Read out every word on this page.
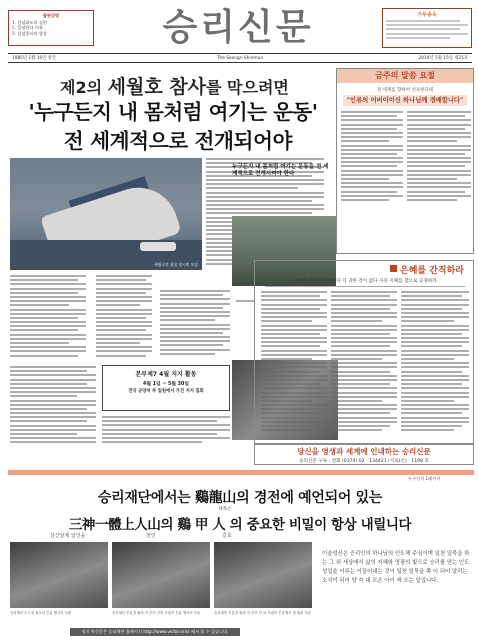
출판강령
1. 일념화도의 실현
2. 일념한다 비유
3. 일념종파의 향상	승리신문	가두송옥
1985년 1월 16일 창간	The Seongri Shinmun	2014년 5월 15일 제25호
제2의 세월호 참사를 막으려면
'누구든지 내 몸처럼 여기는 운동'
전 세계적으로 전개되어야
세월호의 침몰 당시의 모습
누구든지 내 몸처럼 여기는 운동을 전 세계적으로 전개시켜야 한다
본부제7 4월 지지 활동
4월 1일 ~ 5월 30일
전국 공양처 부 일원에서 가진 지지 집회
금주의 말씀 요절
전 세계를 향하여 선포한다네
"인류의 어버이이신 하나님께 경배합니다"
은혜를 간직하라
은혜를 무시한 생명보다 더 귀한 것이 없다 자유 지체를 찾으로 공경하라
당신을 영생과 세계에 인내하는 승리신문
승리신문 구독 : 전화 (0374) 02 - 134421 (지로(온) : 1198 호
누구인지 1페이지
승리재단에서는 鷄龍山의 경전에 예언되어 있는
제목은
三神一體上人山의 鷄 甲 人 의 중요한 비밀이 항상 내릴니다
삼산알제 일인을	천인	길호
승리재단 수도정 최초의 부흥 행사의 일원	승리재단 부흥정 회의 지 부터 인의 사령의 부흥 행사의 모습	승리재단 부흥정 회의 지 부터 인 의 사령의 부흥행사 정 회의 모습
이슬성신은 승리인의 하나님의 인도해 주심이며 일천 일묵을 하는 그 위 세상에서 삶의 지혜와 영광의 빛으로 승리를 얻는 인도 성업을 이루는 이끌어내는 것이 일천 일묵을 쪽 이 되어 알리는 소식이 되어 양 숙 대 모은 아이 에 오는 일입니다.
정지 약신문은 승리재단 홈페이지 http://www.victor.or.kr 에서 볼 수 있습니다.
